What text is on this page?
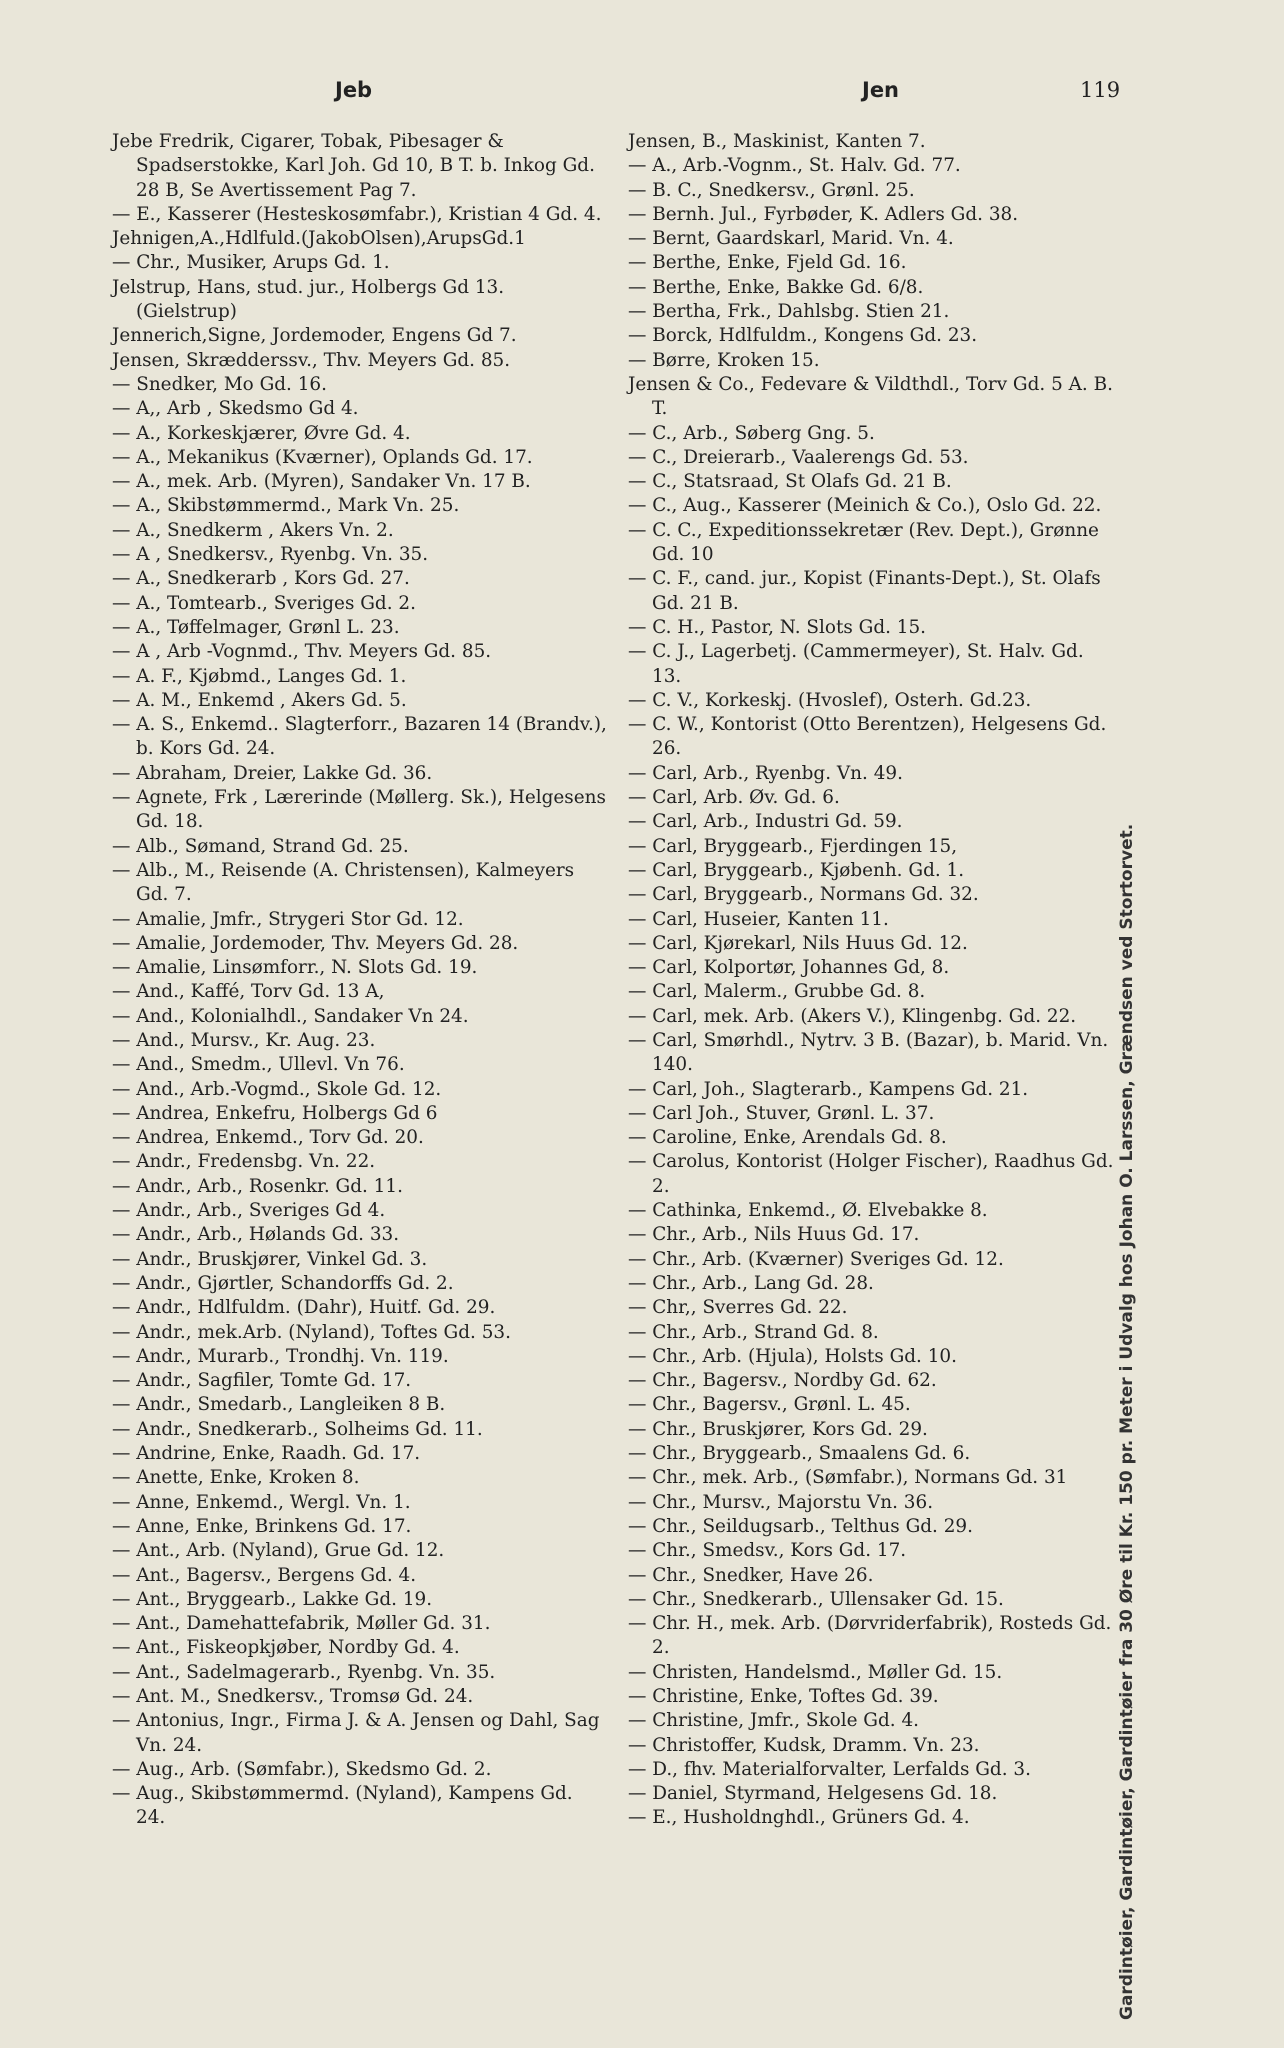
Jeb	Jen	119
Jebe Fredrik, Cigarer, Tobak, Pibesager & Spadserstokke, Karl Joh. Gd 10, B T. b. Inkog Gd. 28 B, Se Avertissement Pag 7.
— E., Kasserer (Hesteskosømfabr.), Kristian 4 Gd. 4.
Jehnigen,A.,Hdlfuld.(JakobOlsen),ArupsGd.1
— Chr., Musiker, Arups Gd. 1.
Jelstrup, Hans, stud. jur., Holbergs Gd 13. (Gielstrup)
Jennerich,Signe, Jordemoder, Engens Gd 7.
Jensen, Skrædderssv., Thv. Meyers Gd. 85.
— Snedker, Mo Gd. 16.
— A,, Arb , Skedsmo Gd 4.
— A., Korkeskjærer, Øvre Gd. 4.
— A., Mekanikus (Kværner), Oplands Gd. 17.
— A., mek. Arb. (Myren), Sandaker Vn. 17 B.
— A., Skibstømmermd., Mark Vn. 25.
— A., Snedkerm , Akers Vn. 2.
— A , Snedkersv., Ryenbg. Vn. 35.
— A., Snedkerarb , Kors Gd. 27.
— A., Tomtearb., Sveriges Gd. 2.
— A., Tøffelmager, Grønl L. 23.
— A , Arb -Vognmd., Thv. Meyers Gd. 85.
— A. F., Kjøbmd., Langes Gd. 1.
— A. M., Enkemd , Akers Gd. 5.
— A. S., Enkemd.. Slagterforr., Bazaren 14 (Brandv.), b. Kors Gd. 24.
— Abraham, Dreier, Lakke Gd. 36.
— Agnete, Frk , Lærerinde (Møllerg. Sk.), Helgesens Gd. 18.
— Alb., Sømand, Strand Gd. 25.
— Alb., M., Reisende (A. Christensen), Kalmeyers Gd. 7.
— Amalie, Jmfr., Strygeri Stor Gd. 12.
— Amalie, Jordemoder, Thv. Meyers Gd. 28.
— Amalie, Linsømforr., N. Slots Gd. 19.
— And., Kaffé, Torv Gd. 13 A,
— And., Kolonialhdl., Sandaker Vn 24.
— And., Mursv., Kr. Aug. 23.
— And., Smedm., Ullevl. Vn 76.
— And., Arb.-Vogmd., Skole Gd. 12.
— Andrea, Enkefru, Holbergs Gd 6
— Andrea, Enkemd., Torv Gd. 20.
— Andr., Fredensbg. Vn. 22.
— Andr., Arb., Rosenkr. Gd. 11.
— Andr., Arb., Sveriges Gd 4.
— Andr., Arb., Hølands Gd. 33.
— Andr., Bruskjører, Vinkel Gd. 3.
— Andr., Gjørtler, Schandorffs Gd. 2.
— Andr., Hdlfuldm. (Dahr), Huitf. Gd. 29.
— Andr., mek.Arb. (Nyland), Toftes Gd. 53.
— Andr., Murarb., Trondhj. Vn. 119.
— Andr., Sagfiler, Tomte Gd. 17.
— Andr., Smedarb., Langleiken 8 B.
— Andr., Snedkerarb., Solheims Gd. 11.
— Andrine, Enke, Raadh. Gd. 17.
— Anette, Enke, Kroken 8.
— Anne, Enkemd., Wergl. Vn. 1.
— Anne, Enke, Brinkens Gd. 17.
— Ant., Arb. (Nyland), Grue Gd. 12.
— Ant., Bagersv., Bergens Gd. 4.
— Ant., Bryggearb., Lakke Gd. 19.
— Ant., Damehattefabrik, Møller Gd. 31.
— Ant., Fiskeopkjøber, Nordby Gd. 4.
— Ant., Sadelmagerarb., Ryenbg. Vn. 35.
— Ant. M., Snedkersv., Tromsø Gd. 24.
— Antonius, Ingr., Firma J. & A. Jensen og Dahl, Sag Vn. 24.
— Aug., Arb. (Sømfabr.), Skedsmo Gd. 2.
— Aug., Skibstømmermd. (Nyland), Kampens Gd. 24.
Jensen, B., Maskinist, Kanten 7.
— A., Arb.-Vognm., St. Halv. Gd. 77.
— B. C., Snedkersv., Grønl. 25.
— Bernh. Jul., Fyrbøder, K. Adlers Gd. 38.
— Bernt, Gaardskarl, Marid. Vn. 4.
— Berthe, Enke, Fjeld Gd. 16.
— Berthe, Enke, Bakke Gd. 6/8.
— Bertha, Frk., Dahlsbg. Stien 21.
— Borck, Hdlfuldm., Kongens Gd. 23.
— Børre, Kroken 15.
Jensen & Co., Fedevare & Vildthdl., Torv Gd. 5 A. B. T.
— C., Arb., Søberg Gng. 5.
— C., Dreierarb., Vaalerengs Gd. 53.
— C., Statsraad, St Olafs Gd. 21 B.
— C., Aug., Kasserer (Meinich & Co.), Oslo Gd. 22.
— C. C., Expeditionssekretær (Rev. Dept.), Grønne Gd. 10
— C. F., cand. jur., Kopist (Finants-Dept.), St. Olafs Gd. 21 B.
— C. H., Pastor, N. Slots Gd. 15.
— C. J., Lagerbetj. (Cammermeyer), St. Halv. Gd. 13.
— C. V., Korkeskj. (Hvoslef), Osterh. Gd.23.
— C. W., Kontorist (Otto Berentzen), Helgesens Gd. 26.
— Carl, Arb., Ryenbg. Vn. 49.
— Carl, Arb. Øv. Gd. 6.
— Carl, Arb., Industri Gd. 59.
— Carl, Bryggearb., Fjerdingen 15,
— Carl, Bryggearb., Kjøbenh. Gd. 1.
— Carl, Bryggearb., Normans Gd. 32.
— Carl, Huseier, Kanten 11.
— Carl, Kjørekarl, Nils Huus Gd. 12.
— Carl, Kolportør, Johannes Gd, 8.
— Carl, Malerm., Grubbe Gd. 8.
— Carl, mek. Arb. (Akers V.), Klingenbg. Gd. 22.
— Carl, Smørhdl., Nytrv. 3 B. (Bazar), b. Marid. Vn. 140.
— Carl, Joh., Slagterarb., Kampens Gd. 21.
— Carl Joh., Stuver, Grønl. L. 37.
— Caroline, Enke, Arendals Gd. 8.
— Carolus, Kontorist (Holger Fischer), Raadhus Gd. 2.
— Cathinka, Enkemd., Ø. Elvebakke 8.
— Chr., Arb., Nils Huus Gd. 17.
— Chr., Arb. (Kværner) Sveriges Gd. 12.
— Chr., Arb., Lang Gd. 28.
— Chr,, Sverres Gd. 22.
— Chr., Arb., Strand Gd. 8.
— Chr., Arb. (Hjula), Holsts Gd. 10.
— Chr., Bagersv., Nordby Gd. 62.
— Chr., Bagersv., Grønl. L. 45.
— Chr., Bruskjører, Kors Gd. 29.
— Chr., Bryggearb., Smaalens Gd. 6.
— Chr., mek. Arb., (Sømfabr.), Normans Gd. 31
— Chr., Mursv., Majorstu Vn. 36.
— Chr., Seildugsarb., Telthus Gd. 29.
— Chr., Smedsv., Kors Gd. 17.
— Chr., Snedker, Have 26.
— Chr., Snedkerarb., Ullensaker Gd. 15.
— Chr. H., mek. Arb. (Dørvriderfabrik), Rosteds Gd. 2.
— Christen, Handelsmd., Møller Gd. 15.
— Christine, Enke, Toftes Gd. 39.
— Christine, Jmfr., Skole Gd. 4.
— Christoffer, Kudsk, Dramm. Vn. 23.
— D., fhv. Materialforvalter, Lerfalds Gd. 3.
— Daniel, Styrmand, Helgesens Gd. 18.
— E., Husholdnghdl., Grüners Gd. 4.	Gardintøier, Gardintøier, Gardintøier fra 30 Øre til Kr. 150 pr. Meter i Udvalg hos Johan O. Larssen, Grændsen ved Stortorvet.
